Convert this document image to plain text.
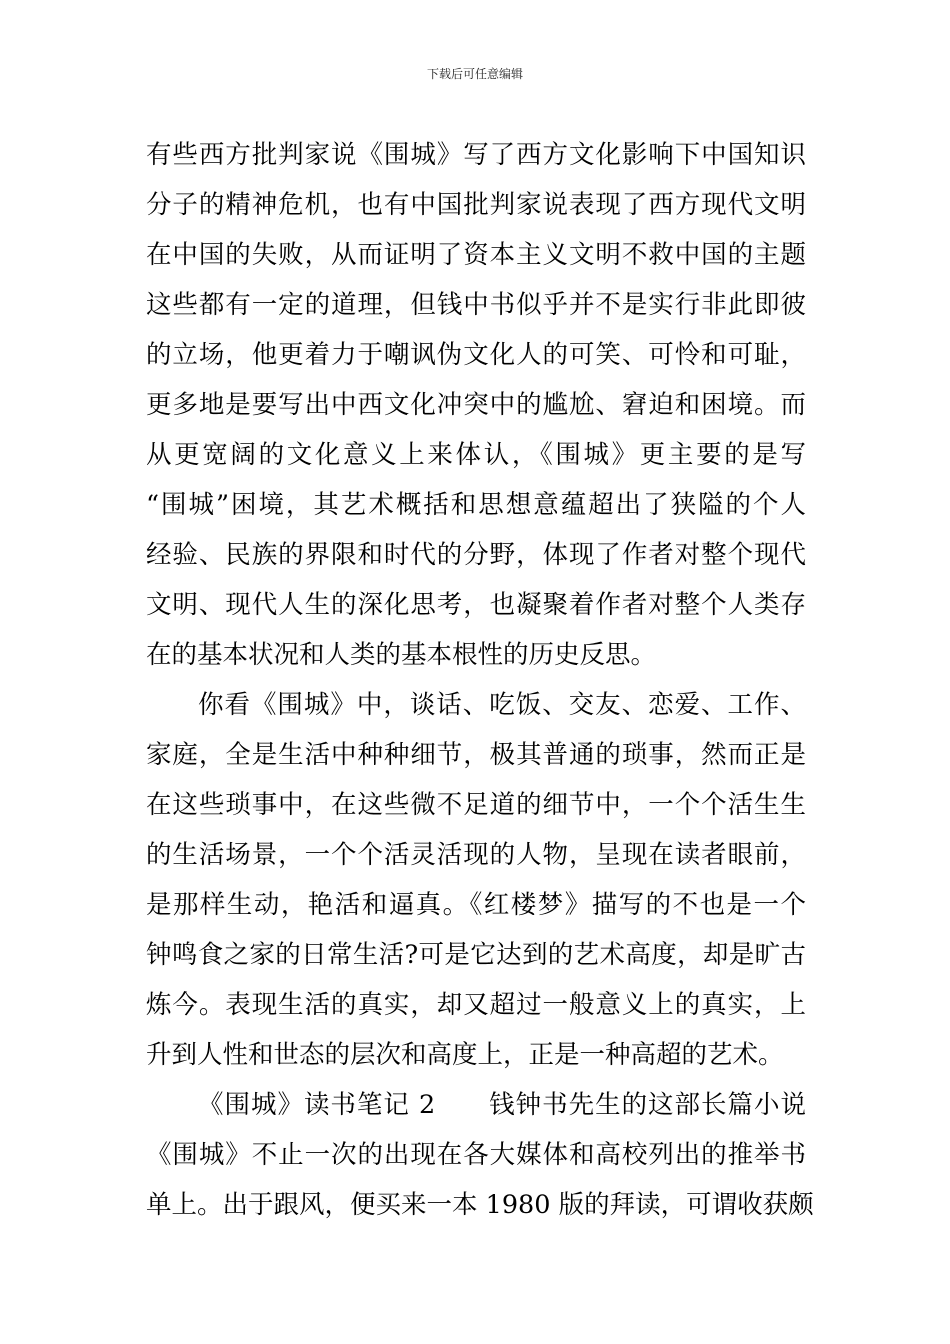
下载后可任意编辑
有些西方批判家说《围城》写了西方文化影响下中国知识
分子的精神危机，也有中国批判家说表现了西方现代文明
在中国的失败，从而证明了资本主义文明不救中国的主题
这些都有一定的道理，但钱中书似乎并不是实行非此即彼
的立场，他更着力于嘲讽伪文化人的可笑、可怜和可耻，
更多地是要写出中西文化冲突中的尴尬、窘迫和困境。而
从更宽阔的文化意义上来体认，《围城》更主要的是写
“围城”困境，其艺术概括和思想意蕴超出了狭隘的个人
经验、民族的界限和时代的分野，体现了作者对整个现代
文明、现代人生的深化思考，也凝聚着作者对整个人类存
在的基本状况和人类的基本根性的历史反思。
你看《围城》中，谈话、吃饭、交友、恋爱、工作、
家庭，全是生活中种种细节，极其普通的琐事，然而正是
在这些琐事中，在这些微不足道的细节中，一个个活生生
的生活场景，一个个活灵活现的人物，呈现在读者眼前，
是那样生动，艳活和逼真。《红楼梦》描写的不也是一个
钟鸣食之家的日常生活?可是它达到的艺术高度，却是旷古
炼今。表现生活的真实，却又超过一般意义上的真实，上
升到人性和世态的层次和高度上，正是一种高超的艺术。
《围城》读书笔记 2　　钱钟书先生的这部长篇小说
《围城》不止一次的出现在各大媒体和高校列出的推举书
单上。出于跟风，便买来一本 1980 版的拜读，可谓收获颇
